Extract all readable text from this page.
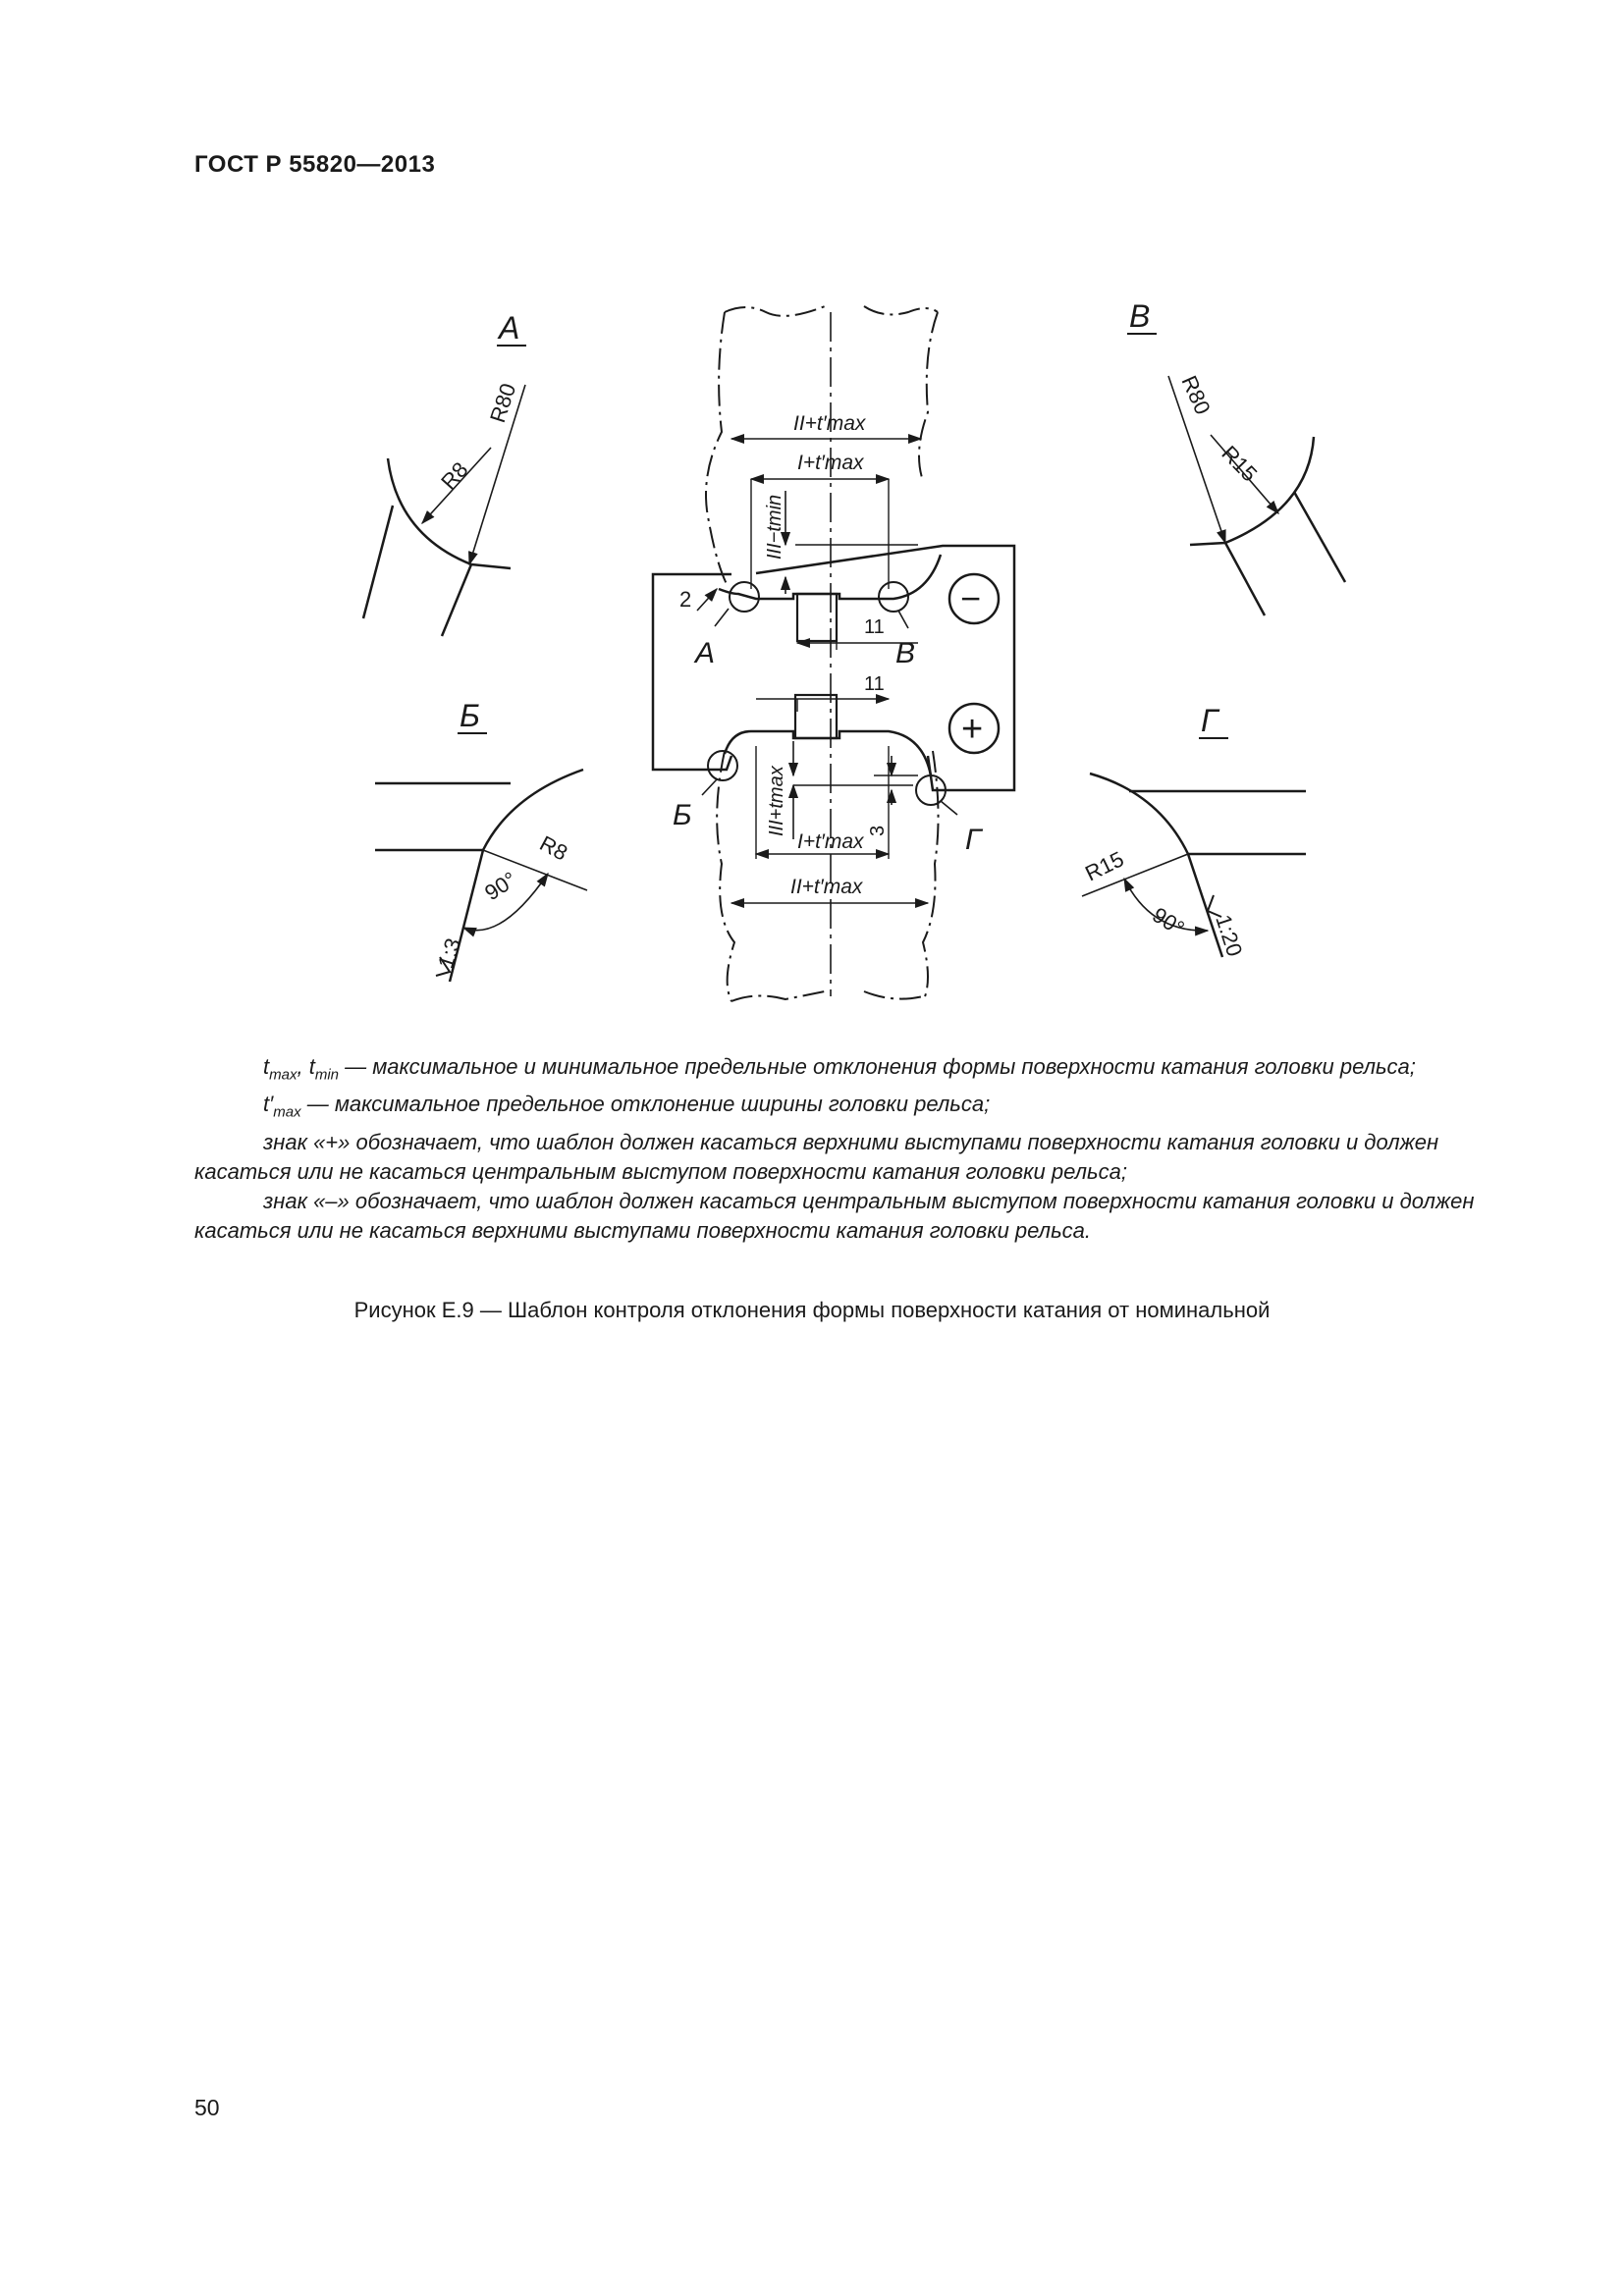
ГОСТ Р 55820—2013
А
R80
R8
В
R80
R15
Б
R8
90°
1:3
Г
R15
90° 1:20
−
+
II+t′max
I+t′max
III−tmin
11
2
11
III+tmax	3
I+t′max
II+t′max
А	В
Б
Г

$t_{max}$, $t_{min}$ — максимальное и минимальное предельные отклонения формы поверхности катания головки рельса;

$t'_{max}$ — максимальное предельное отклонение ширины головки рельса;

знак «+» обозначает, что шаблон должен касаться верхними выступами поверхности катания головки и должен касаться или не касаться центральным выступом поверхности катания головки рельса;

знак «–» обозначает, что шаблон должен касаться центральным выступом поверхности катания головки и должен касаться или не касаться верхними выступами поверхности катания головки рельса.

Рисунок Е.9 — Шаблон контроля отклонения формы поверхности катания от номинальной
50
